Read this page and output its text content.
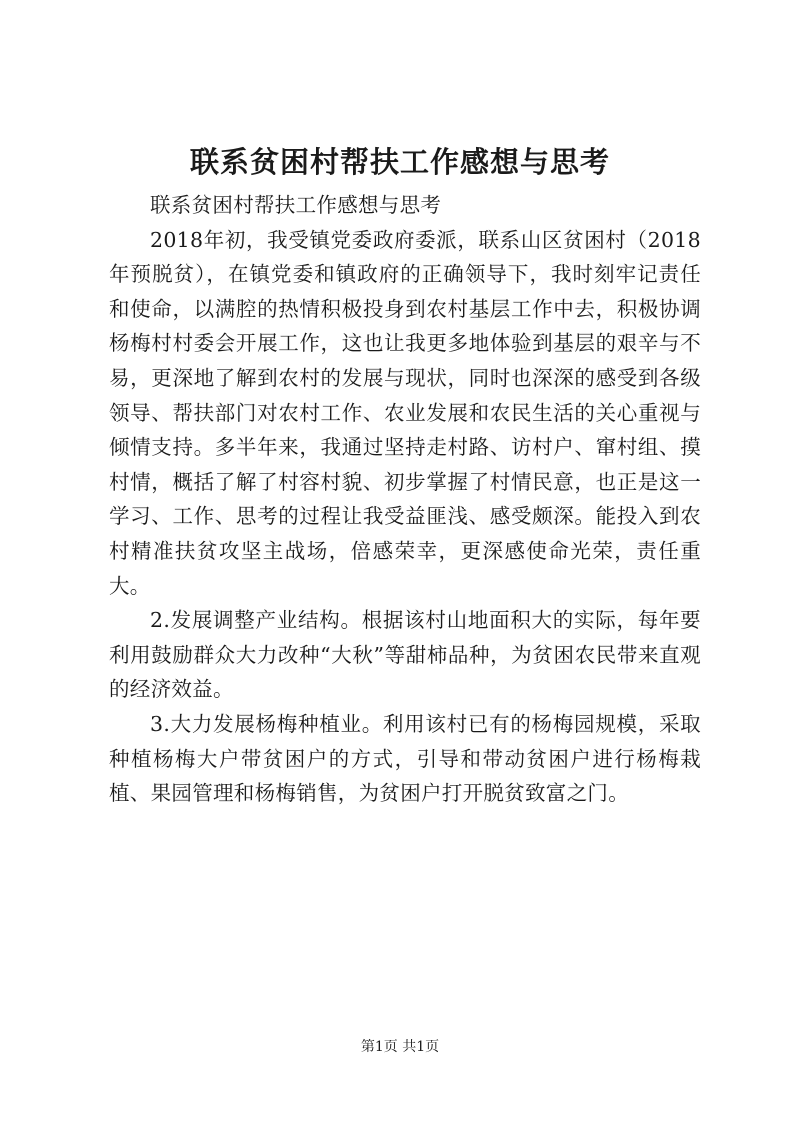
联系贫困村帮扶工作感想与思考

联系贫困村帮扶工作感想与思考

2018年初，我受镇党委政府委派，联系山区贫困村（2018年预脱贫），在镇党委和镇政府的正确领导下，我时刻牢记责任和使命，以满腔的热情积极投身到农村基层工作中去，积极协调杨梅村村委会开展工作，这也让我更多地体验到基层的艰辛与不易，更深地了解到农村的发展与现状，同时也深深的感受到各级领导、帮扶部门对农村工作、农业发展和农民生活的关心重视与倾情支持。多半年来，我通过坚持走村路、访村户、窜村组、摸村情，概括了解了村容村貌、初步掌握了村情民意，也正是这一学习、工作、思考的过程让我受益匪浅、感受颇深。能投入到农村精准扶贫攻坚主战场，倍感荣幸，更深感使命光荣，责任重大。

2.发展调整产业结构。根据该村山地面积大的实际，每年要利用鼓励群众大力改种“大秋”等甜柿品种，为贫困农民带来直观的经济效益。

3.大力发展杨梅种植业。利用该村已有的杨梅园规模，采取种植杨梅大户带贫困户的方式，引导和带动贫困户进行杨梅栽植、果园管理和杨梅销售，为贫困户打开脱贫致富之门。

第1页 共1页
